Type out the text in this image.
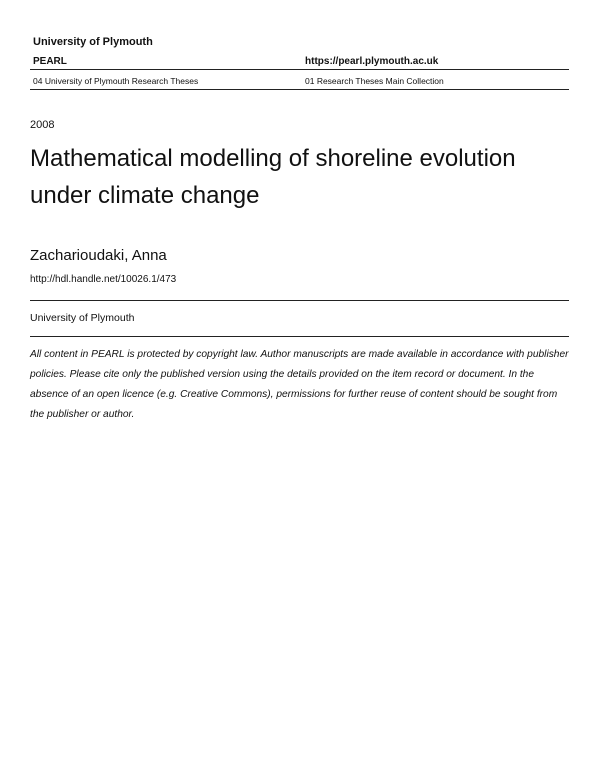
University of Plymouth
PEARL	https://pearl.plymouth.ac.uk
04 University of Plymouth Research Theses	01 Research Theses Main Collection
2008
Mathematical modelling of shoreline evolution under climate change
Zacharioudaki, Anna
http://hdl.handle.net/10026.1/473
University of Plymouth
All content in PEARL is protected by copyright law. Author manuscripts are made available in accordance with publisher policies. Please cite only the published version using the details provided on the item record or document. In the absence of an open licence (e.g. Creative Commons), permissions for further reuse of content should be sought from the publisher or author.
